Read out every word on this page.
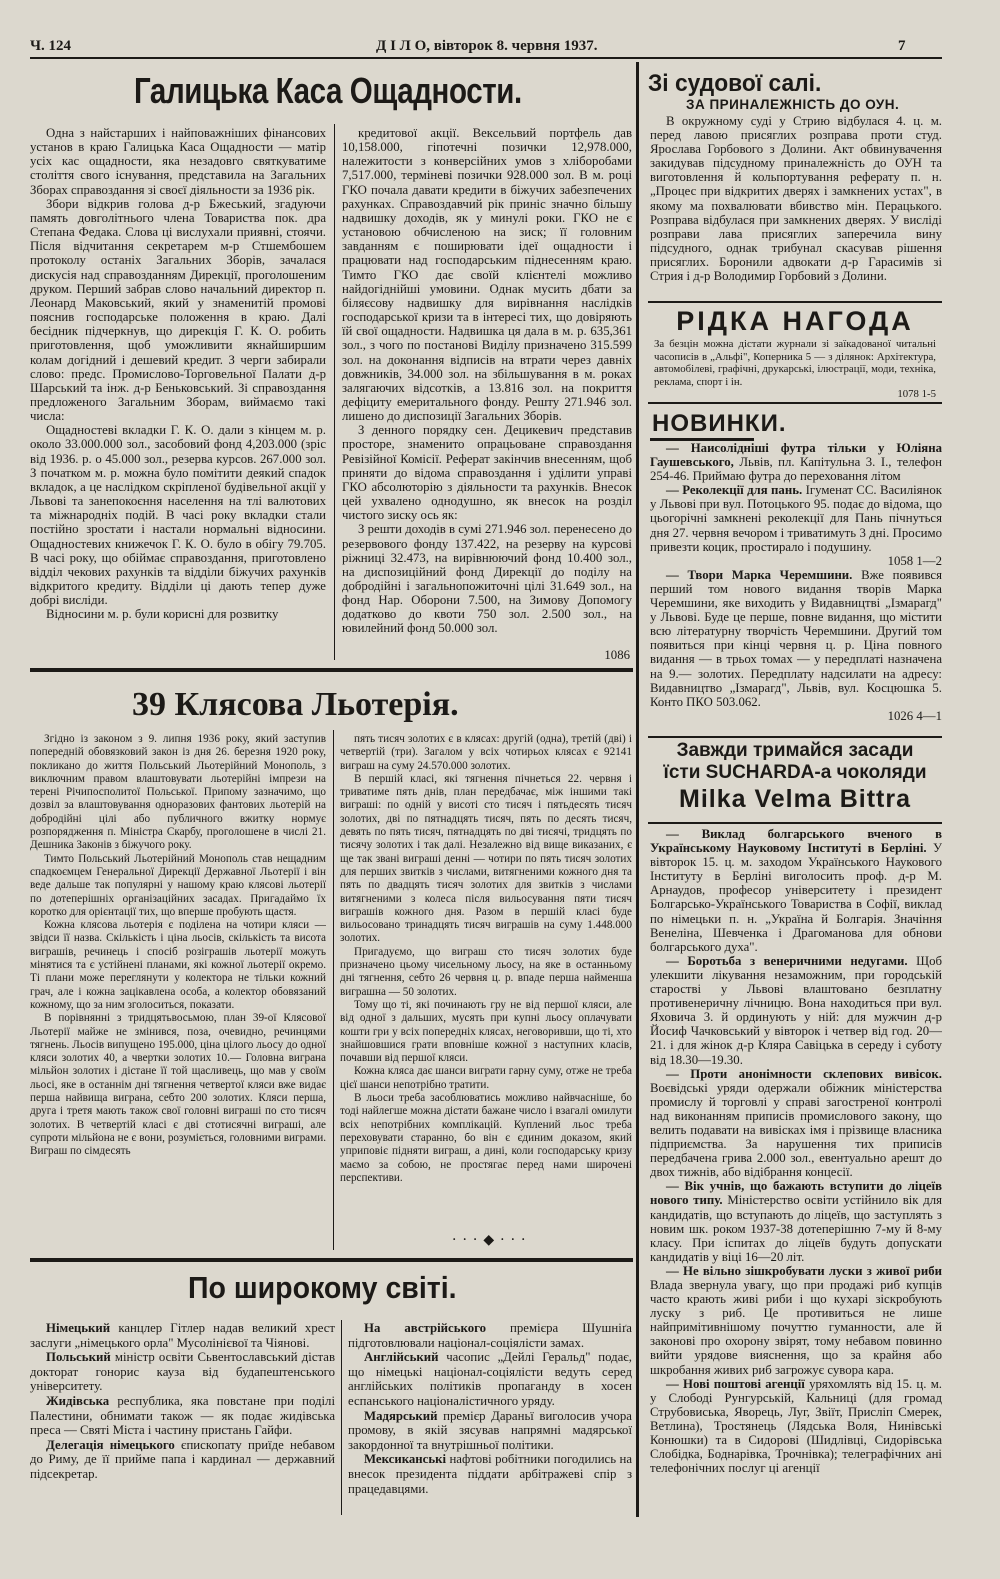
Ч. 124	Д І Л О, вівторок 8. червня 1937.	7
Галицька Каса Ощадности.

Одна з найстарших і найповажніших фінансових установ в краю Галицька Каса Ощадности — матір усіх кас ощадности, яка незадовго святкуватиме століття свого існування, представила на Загальних Зборах справоздання зі своєї діяльности за 1936 рік.

Збори відкрив голова д-р Бжеський, згадуючи память довголітнього члена Товариства пок. дра Степана Федака. Слова ці вислухали приявні, стоячи. Після відчитання секретарем м-р Стшембошем протоколу останіх Загальних Зборів, зачалася дискусія над справозданням Дирекції, проголошеним друком. Перший забрав слово начальний директор п. Леонард Маковський, який у знаменитій промові пояснив господарське положення в краю. Далі бесідник підчеркнув, що дирекція Г. К. О. робить приготовлення, щоб уможливити якнайширшим колам догідний і дешевий кредит. З черги забирали слово: предс. Промислово-Торговельної Палати д-р Шарський та інж. д-р Беньковський. Зі справоздання предложеного Загальним Зборам, виймаємо такі числа:

Ощадностеві вкладки Г. К. О. дали з кінцем м. р. около 33.000.000 зол., засобовий фонд 4,203.000 (зріс від 1936. р. о 45.000 зол., резерва курсов. 267.000 зол. З початком м. р. можна було помітити деякий спадок вкладок, а це наслідком скріпленої будівельної акції у Львові та занепокоєння населення на тлі валютових та міжнародніх подій. В часі року вкладки стали постійно зростати і настали нормальні відносини. Ощадностевих книжечок Г. К. О. було в обігу 79.705. В часі року, що обіймає справоздання, приготовлено відділ чекових рахунків та відділи біжучих рахунків відкритого кредиту. Відділи ці дають тепер дуже добрі висліди.

Відносини м. р. були корисні для розвитку

кредитової акції. Вексельвий портфель дав 10,158.000, гіпотечні позички 12,978.000, належитости з конверсійних умов з хліборобами 7,517.000, терміневі позички 928.000 зол. В м. році ГКО почала давати кредити в біжучих забезпечених рахунках. Справоздавчий рік приніс значно більшу надвишку доходів, як у минулі роки. ГКО не є установою обчисленою на зиск; її головним завданням є поширювати ідеї ощадности і працювати над господарським піднесенням краю. Тимто ГКО дає своїй клієнтелі можливо найдогіднійші умовини. Однак мусить дбати за біляєсову надвишку для вирівнання наслідків господарської кризи та в інтересі тих, що довіряють їй свої ощадности. Надвишка ця дала в м. р. 635,361 зол., з чого по постанові Виділу призначено 315.599 зол. на доконання відписів на втрати через давніх довжників, 34.000 зол. на збільшування в м. роках залягаючих відсотків, а 13.816 зол. на покриття дефіциту емеритального фонду. Решту 271.946 зол. лишено до диспозиції Загальних Зборів.

З денного порядку сен. Децикевич представив просторе, знаменито опрацьоване справоздання Ревізійної Комісії. Реферат закінчив внесенням, щоб приняти до відома справоздання і уділити управі ГКО абсолюторію з діяльности та рахунків. Внесок цей ухвалено однодушно, як внесок на розділ чистого зиску ось як:

З решти доходів в сумі 271.946 зол. перенесено до резервового фонду 137.422, на резерву на курсові ріжниці 32.473, на вирівнюючий фонд 10.400 зол., на диспозиційний фонд Дирекції до поділу на добродійні і загальнопожиточні цілі 31.649 зол., на фонд Нар. Оборони 7.500, на Зимову Допомогу додатково до квоти 750 зол. 2.500 зол., на ювилейний фонд 50.000 зол.

1086
39 Клясова Льотерія.

Згідно із законом з 9. липня 1936 року, який заступив попередній обовязковий закон із дня 26. березня 1920 року, покликано до життя Польський Льотерійний Монополь, з виключним правом влаштовувати льотерійні імпрези на терені Річипосполитої Польської. Припому зазначимо, що дозвіл за влаштовування одноразових фантових льотерій на добродійні цілі або публичного вжитку нормує розпорядження п. Міністра Скарбу, проголошене в числі 21. Дешника Законів з біжучого року.

Тимто Польський Льотерійний Монополь став нещадним спадкоємцем Генеральної Дирекції Державної Льотерії і він веде дальше так популярні у нашому краю клясові льотерії по дотеперішніх організаційних засадах. Пригадаймо їх коротко для орієнтації тих, що вперше пробують щастя.

Кожна клясова льотерія є поділена на чотири кляси — звідси її назва. Скількість і ціна льосів, скількість та висота виграшів, речинець і спосіб розіграшів льотерії можуть мінятися та є устійнені планами, які кожної льотерії окремо. Ті плани може переглянути у колектора не тільки кожний грач, але і кожна зацікавлена особа, а колектор обовязаний кожному, що за ним зголоситься, показати.

В порівнянні з тридцятьвосьмою, план 39-ої Клясової Льотерії майже не змінився, поза, очевидно, речинцями тягнень. Льосів випущено 195.000, ціна цілого льосу до одної кляси золотих 40, а чвертки золотих 10.— Головна виграна мільйон золотих і дістане її той щасливець, що мав у своїм льосі, яке в останнім дні тягнення четвертої кляси вже видає перша найвища виграна, себто 200 золотих. Кляси перша, друга і третя мають також свої головні виграші по сто тисяч золотих. В четвертій класі є дві стотисячні виграші, але супроти мільйона не є вони, розуміється, головними виграми. Виграш по сімдесять

пять тисяч золотих є в кляcах: другій (одна), третій (дві) і четвертій (три). Загалом у всіх чотирьох клясах є 92141 виграш на суму 24.570.000 золотих.

В першій класі, які тягнення пічнеться 22. червня і триватиме пять днів, план передбачає, між іншими такі виграші: по одній у висоті сто тисяч і пятьдесять тисяч золотих, дві по пятнадцять тисяч, пять по десять тисяч, девять по пять тисяч, пятнадцять по дві тисячі, тридцять по тисячу золотих і так далі. Незалежно від вище виказаних, є ще так звані виграші денні — чотири по пять тисяч золотих для перших звитків з числами, витягненими кожного дня та пять по двадцять тисяч золотих для звитків з числами витягненими з колеса після вильосування пяти тисяч виграшів кожного дня. Разом в першій класі буде вильосовано тринадцять тисяч виграшів на суму 1.448.000 золотих.

Пригадуємо, що виграш сто тисяч золотих буде призначено цьому чисельному льосу, на яке в останньому дні тягнення, себто 26 червня ц. р. впаде перша найменша виграшна — 50 золотих.

Тому що ті, які починають гру не від першої кляси, але від одної з дальших, мусять при купні льосу оплачувати кошти гри у всіх попередніх клясах, неговоривши, що ті, хто знайшовшися грати вповніше кожної з наступних класів, почавши від першої кляси.

Кожна кляса дає шанси виграти гарну суму, отже не треба цієї шанси непотрібно тратити.

В льоси треба засоблюватись можливо найвчасніше, бо тоді найлегше можна дістати бажане число і взагалі омилути всіх непотрібних комплікацій. Куплений льос треба переховувати старанно, бо він є єдиним доказом, який уприповіє підняти виграш, а дині, коли господарську кризу маємо за собою, не простягає перед нами широчені перспективи.

···◆···
По широкому світі.

Німецький канцлер Гітлер надав великий хрест заслуги „німецького орла" Мусолінієвої та Чіянові.

Польський міністр освіти Сьвентославський дістав докторат гонорис кауза від будапештенського університету.

Жидівська республика, яка повстане при поділі Палестини, обнимати також — як подає жидівська преса — Святі Міста і частину пристань Гайфи.

Делегація німецького єпископату приїде небавом до Риму, де її прийме папа і кардинал — державний підсекретар.

На австрійського премієра Шушніґа підготовлювали націонал-соціялісти замах.

Англійський часопис „Дейлі Геральд" подає, що німецькі націонал-соціялісти ведуть серед англійських політиків пропаганду в хосен еспанського націоналістичного уряду.

Мадярський премієр Дараньї виголосив учора промову, в якій зясував напрямні мадярської закордонної та внутрішньої політики.

Мексиканські нафтові робітники погодились на внесок президента піддати арбітражеві спір з працедавцями.

Зі судової салі.
ЗА ПРИНАЛЕЖНІСТЬ ДО ОУН.

В окружному суді у Стрию відбулася 4. ц. м. перед лавою присяглих розправа проти студ. Ярослава Горбового з Долини. Акт обвинувачення закидував підсудному приналежність до ОУН та виготовлення й кольпортування реферату п. н. „Процес при відкритих дверях і замкнених устах", в якому ма похвалювати вбивство мін. Перацького. Розправа відбулася при замкнених дверях. У висліді розправи лава присяглих заперечила вину підсудного, однак трибунал скасував рішення присяглих. Боронили адвокати д-р Гарасимів зі Стрия і д-р Володимир Горбовий з Долини.

РІДКА НАГОДА
За безцін можна дістати журнали зі заїкадованої читальні часописів в „Альфі", Коперника 5 — з ділянок: Архітектура, автомобілеві, графічні, друкарські, ілюстрації, моди, техніка, реклама, спорт і ін.
1078 1-5
НОВИНКИ.

— Наисолідніші футра тільки у Юліяна Гаушевського, Львів, пл. Капітульна 3. І., телефон 254-46. Приймаю футра до переховання літом

— Реколекції для пань. Ігуменат СС. Василіянок у Львові при вул. Потоцького 95. подає до відома, що цьогорічні замкнені реколекції для Пань пічнуться дня 27. червня вечором і триватимуть 3 дні. Просимо привезти коцик, простирало і подушину.

1058 1—2

— Твори Марка Черемшини. Вже появився перший том нового видання творів Марка Черемшини, яке виходить у Видавництві „Ізмарагд" у Львові. Буде це перше, повне видання, що містити всю літературну творчість Черемшини. Другий том появиться при кінці червня ц. р. Ціна повного видання — в трьох томах — у передплаті назначена на 9.— золотих. Передплату надсилати на адресу: Видавництво „Ізмарагд", Львів, вул. Косцюшка 5. Конто ПКО 503.062.

1026 4—1

Завжди тримайся засади
їсти SUCHARDA-а чоколяди
Milka Velma Bittra

— Виклад болгарського вченого в Українському Науковому Інституті в Берліні. У вівторок 15. ц. м. заходом Українського Наукового Інституту в Берліні виголосить проф. д-р М. Арнаудов, професор університету і президент Болгарсько-Українського Товариства в Софії, виклад по німецьки п. н. „Україна й Болгарія. Значіння Венеліна, Шевченка і Драгоманова для обнови болгарського духа".

— Боротьба з венеричними недугами. Щоб улекшити лікування незаможним, при городській старостві у Львові влаштовано безплатну противенеричну лічницю. Вона находиться при вул. Яховича 3. й ординують у ній: для мужчин д-р Йосиф Чачковський у вівторок і четвер від год. 20—21. і для жінок д-р Кляра Савіцька в середу і суботу від 18.30—19.30.

— Проти анонімности склепових вивісок. Воєвідські уряди одержали обіжник міністерства промислу й торговлі у справі загостреної контролі над виконанням приписів промислового закону, що велить подавати на вивісках імя і прізвище власника підприємства. За нарушення тих приписів передбачена грива 2.000 зол., евентуально арешт до двох тижнів, або відібрання концесії.

— Вік учнів, що бажають вступити до ліцеїв нового типу. Міністерство освіти устійнило вік для кандидатів, що вступають до ліцеїв, що заступлять з новим шк. роком 1937-38 дотеперішню 7-му й 8-му класу. При іспитах до ліцеїв будуть допускати кандидатів у віці 16—20 літ.

— Не вільно зішкробувати луски з живої риби Влада звернула увагу, що при продажі риб купців часто крають живі риби і що кухарі зіскробують луску з риб. Це противиться не лише найпримітивнішому почуттю гуманности, але й законові про охорону звірят, тому небавом повинно вийти урядове вияснення, що за крайня або шкробання живих риб загрожує сувора кара.

— Нові поштові агенції уряхомлять від 15. ц. м. у Слободі Рунгурській, Кальниці (для громад Струбовиська, Яворець, Луг, Звіїт, Присліп Смерек, Ветлина), Тростянець (Лядська Воля, Нинівські Конюшки) та в Сидорові (Шидлівці, Сидорівська Слобідка, Боднарівка, Трочнівка); телеграфічних ані телефонічних послуг ці агенції
